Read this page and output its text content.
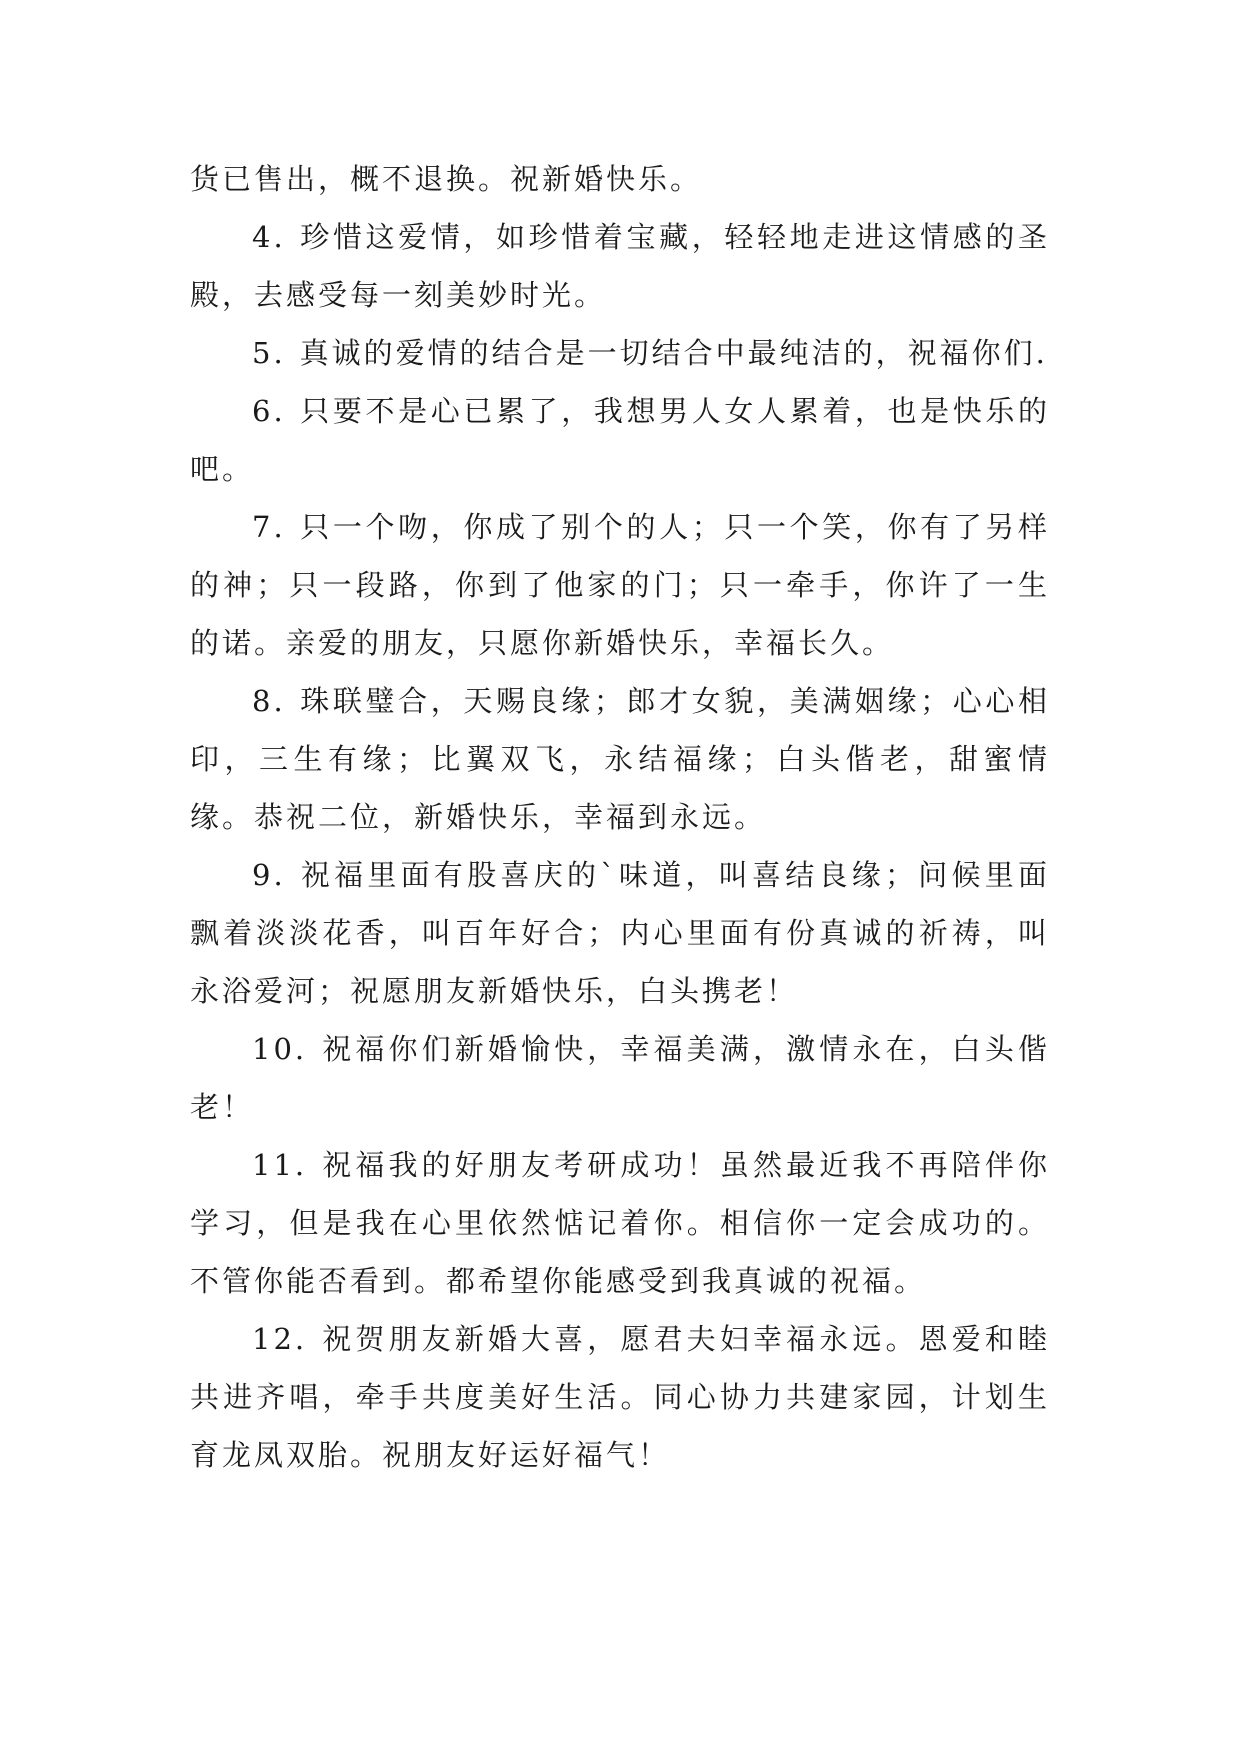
货已售出，概不退换。祝新婚快乐。

4. 珍惜这爱情，如珍惜着宝藏，轻轻地走进这情感的圣殿，去感受每一刻美妙时光。

5. 真诚的爱情的结合是一切结合中最纯洁的，祝福你们.

6. 只要不是心已累了，我想男人女人累着，也是快乐的吧。

7. 只一个吻，你成了别个的人；只一个笑，你有了另样的神；只一段路，你到了他家的门；只一牵手，你许了一生的诺。亲爱的朋友，只愿你新婚快乐，幸福长久。

8. 珠联璧合，天赐良缘；郎才女貌，美满姻缘；心心相印，三生有缘；比翼双飞，永结福缘；白头偕老，甜蜜情缘。恭祝二位，新婚快乐，幸福到永远。

9. 祝福里面有股喜庆的`味道，叫喜结良缘；问候里面飘着淡淡花香，叫百年好合；内心里面有份真诚的祈祷，叫永浴爱河；祝愿朋友新婚快乐，白头携老！

10. 祝福你们新婚愉快，幸福美满，激情永在，白头偕老！

11. 祝福我的好朋友考研成功！虽然最近我不再陪伴你学习，但是我在心里依然惦记着你。相信你一定会成功的。不管你能否看到。都希望你能感受到我真诚的祝福。

12. 祝贺朋友新婚大喜，愿君夫妇幸福永远。恩爱和睦共进齐唱，牵手共度美好生活。同心协力共建家园，计划生育龙凤双胎。祝朋友好运好福气！
